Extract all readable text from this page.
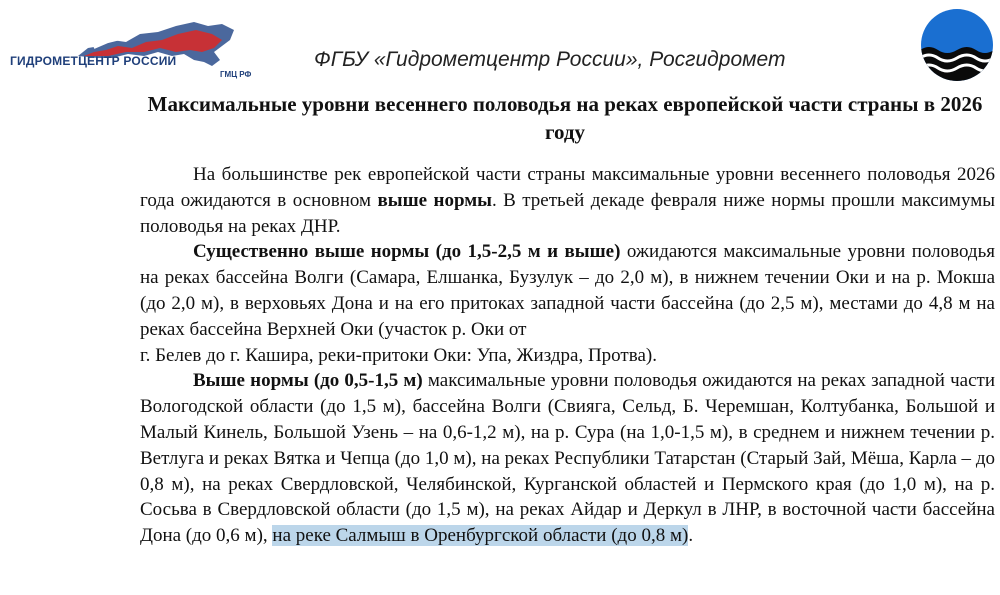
ГИДРОМЕТЦЕНТР РОССИИ
ГМЦ РФ
ФГБУ «Гидрометцентр России», Росгидромет
Максимальные уровни весеннего половодья на реках европейской части страны в 2026 году

На большинстве рек европейской части страны максимальные уровни весеннего половодья 2026 года ожидаются в основном выше нормы. В третьей декаде февраля ниже нормы прошли максимумы половодья на реках ДНР.

Существенно выше нормы (до 1,5-2,5 м и выше) ожидаются максимальные уровни половодья на реках бассейна Волги (Самара, Елшанка, Бузулук – до 2,0 м), в нижнем течении Оки и на р. Мокша (до 2,0 м), в верховьях Дона и на его притоках западной части бассейна (до 2,5 м), местами до 4,8 м на реках бассейна Верхней Оки (участок р. Оки от

г. Белев до г. Кашира, реки-притоки Оки: Упа, Жиздра, Протва).

Выше нормы (до 0,5-1,5 м) максимальные уровни половодья ожидаются на реках западной части Вологодской области (до 1,5 м), бассейна Волги (Свияга, Сельд, Б. Черемшан, Колтубанка, Большой и Малый Кинель, Большой Узень – на 0,6-1,2 м), на р. Сура (на 1,0-1,5 м), в среднем и нижнем течении р. Ветлуга и реках Вятка и Чепца (до 1,0 м), на реках Республики Татарстан (Старый Зай, Мёша, Карла – до 0,8 м), на реках Свердловской, Челябинской, Курганской областей и Пермского края (до 1,0 м), на р. Сосьва в Свердловской области (до 1,5 м), на реках Айдар и Деркул в ЛНР, в восточной части бассейна Дона (до 0,6 м), на реке Салмыш в Оренбургской области (до 0,8 м).
